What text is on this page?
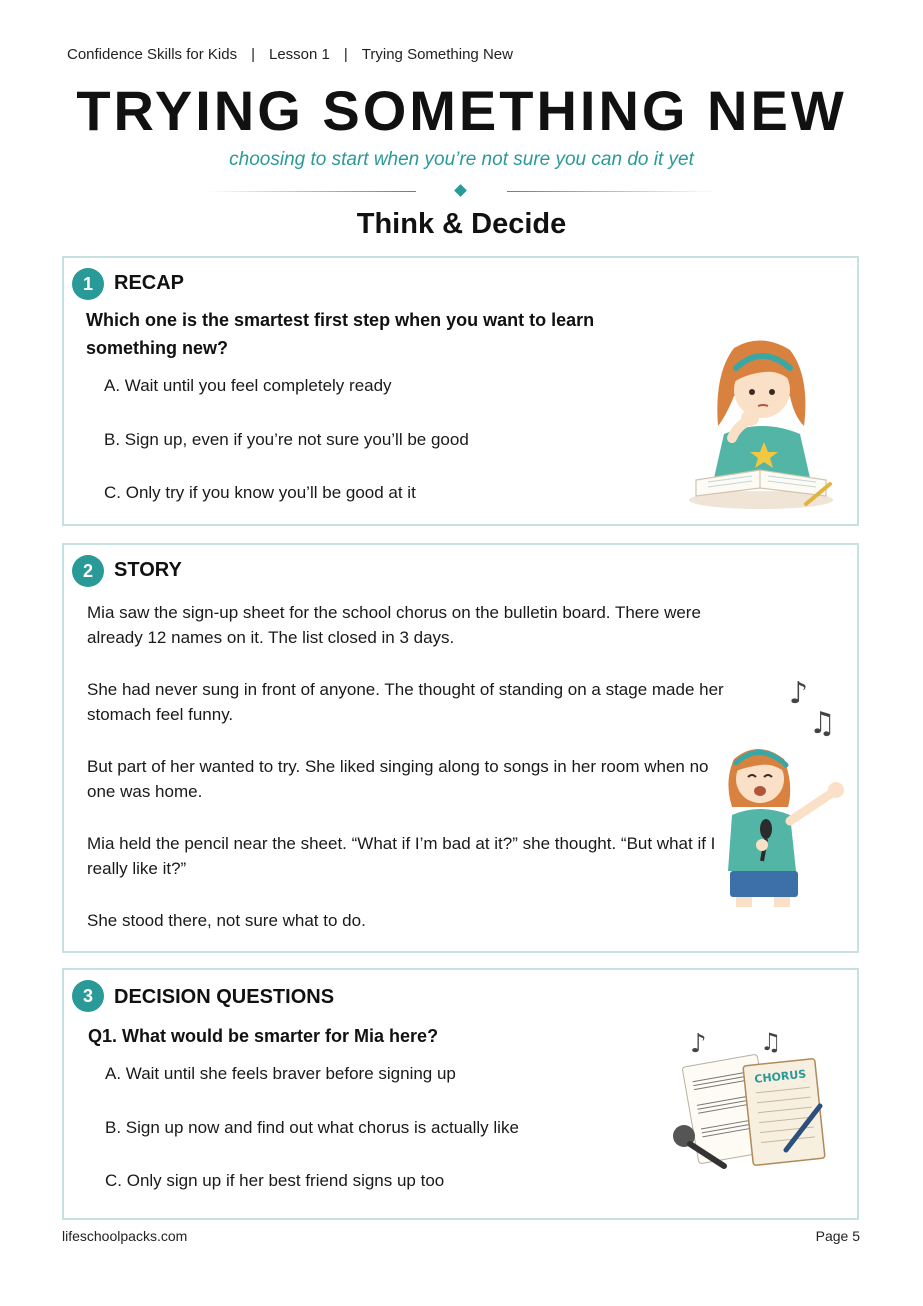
Confidence Skills for Kids | Lesson 1 | Trying Something New
TRYING SOMETHING NEW
choosing to start when you’re not sure you can do it yet
Think & Decide
1	RECAP
Which one is the smartest first step when you want to learn
something new?
A. Wait until you feel completely ready
B. Sign up, even if you’re not sure you’ll be good
C. Only try if you know you’ll be good at it
2	STORY

Mia saw the sign-up sheet for the school chorus on the bulletin board. There were already 12 names on it. The list closed in 3 days.

She had never sung in front of anyone. The thought of standing on a stage made her stomach feel funny.

But part of her wanted to try. She liked singing along to songs in her room when no one was home.

Mia held the pencil near the sheet. “What if I’m bad at it?” she thought. “But what if I really like it?”

She stood there, not sure what to do.

♪
♫
3	DECISION QUESTIONS
Q1. What would be smarter for Mia here?
A. Wait until she feels braver before signing up
B. Sign up now and find out what chorus is actually like
C. Only sign up if her best friend signs up too
♪ ♫
CHORUS
lifeschoolpacks.com	Page 5
